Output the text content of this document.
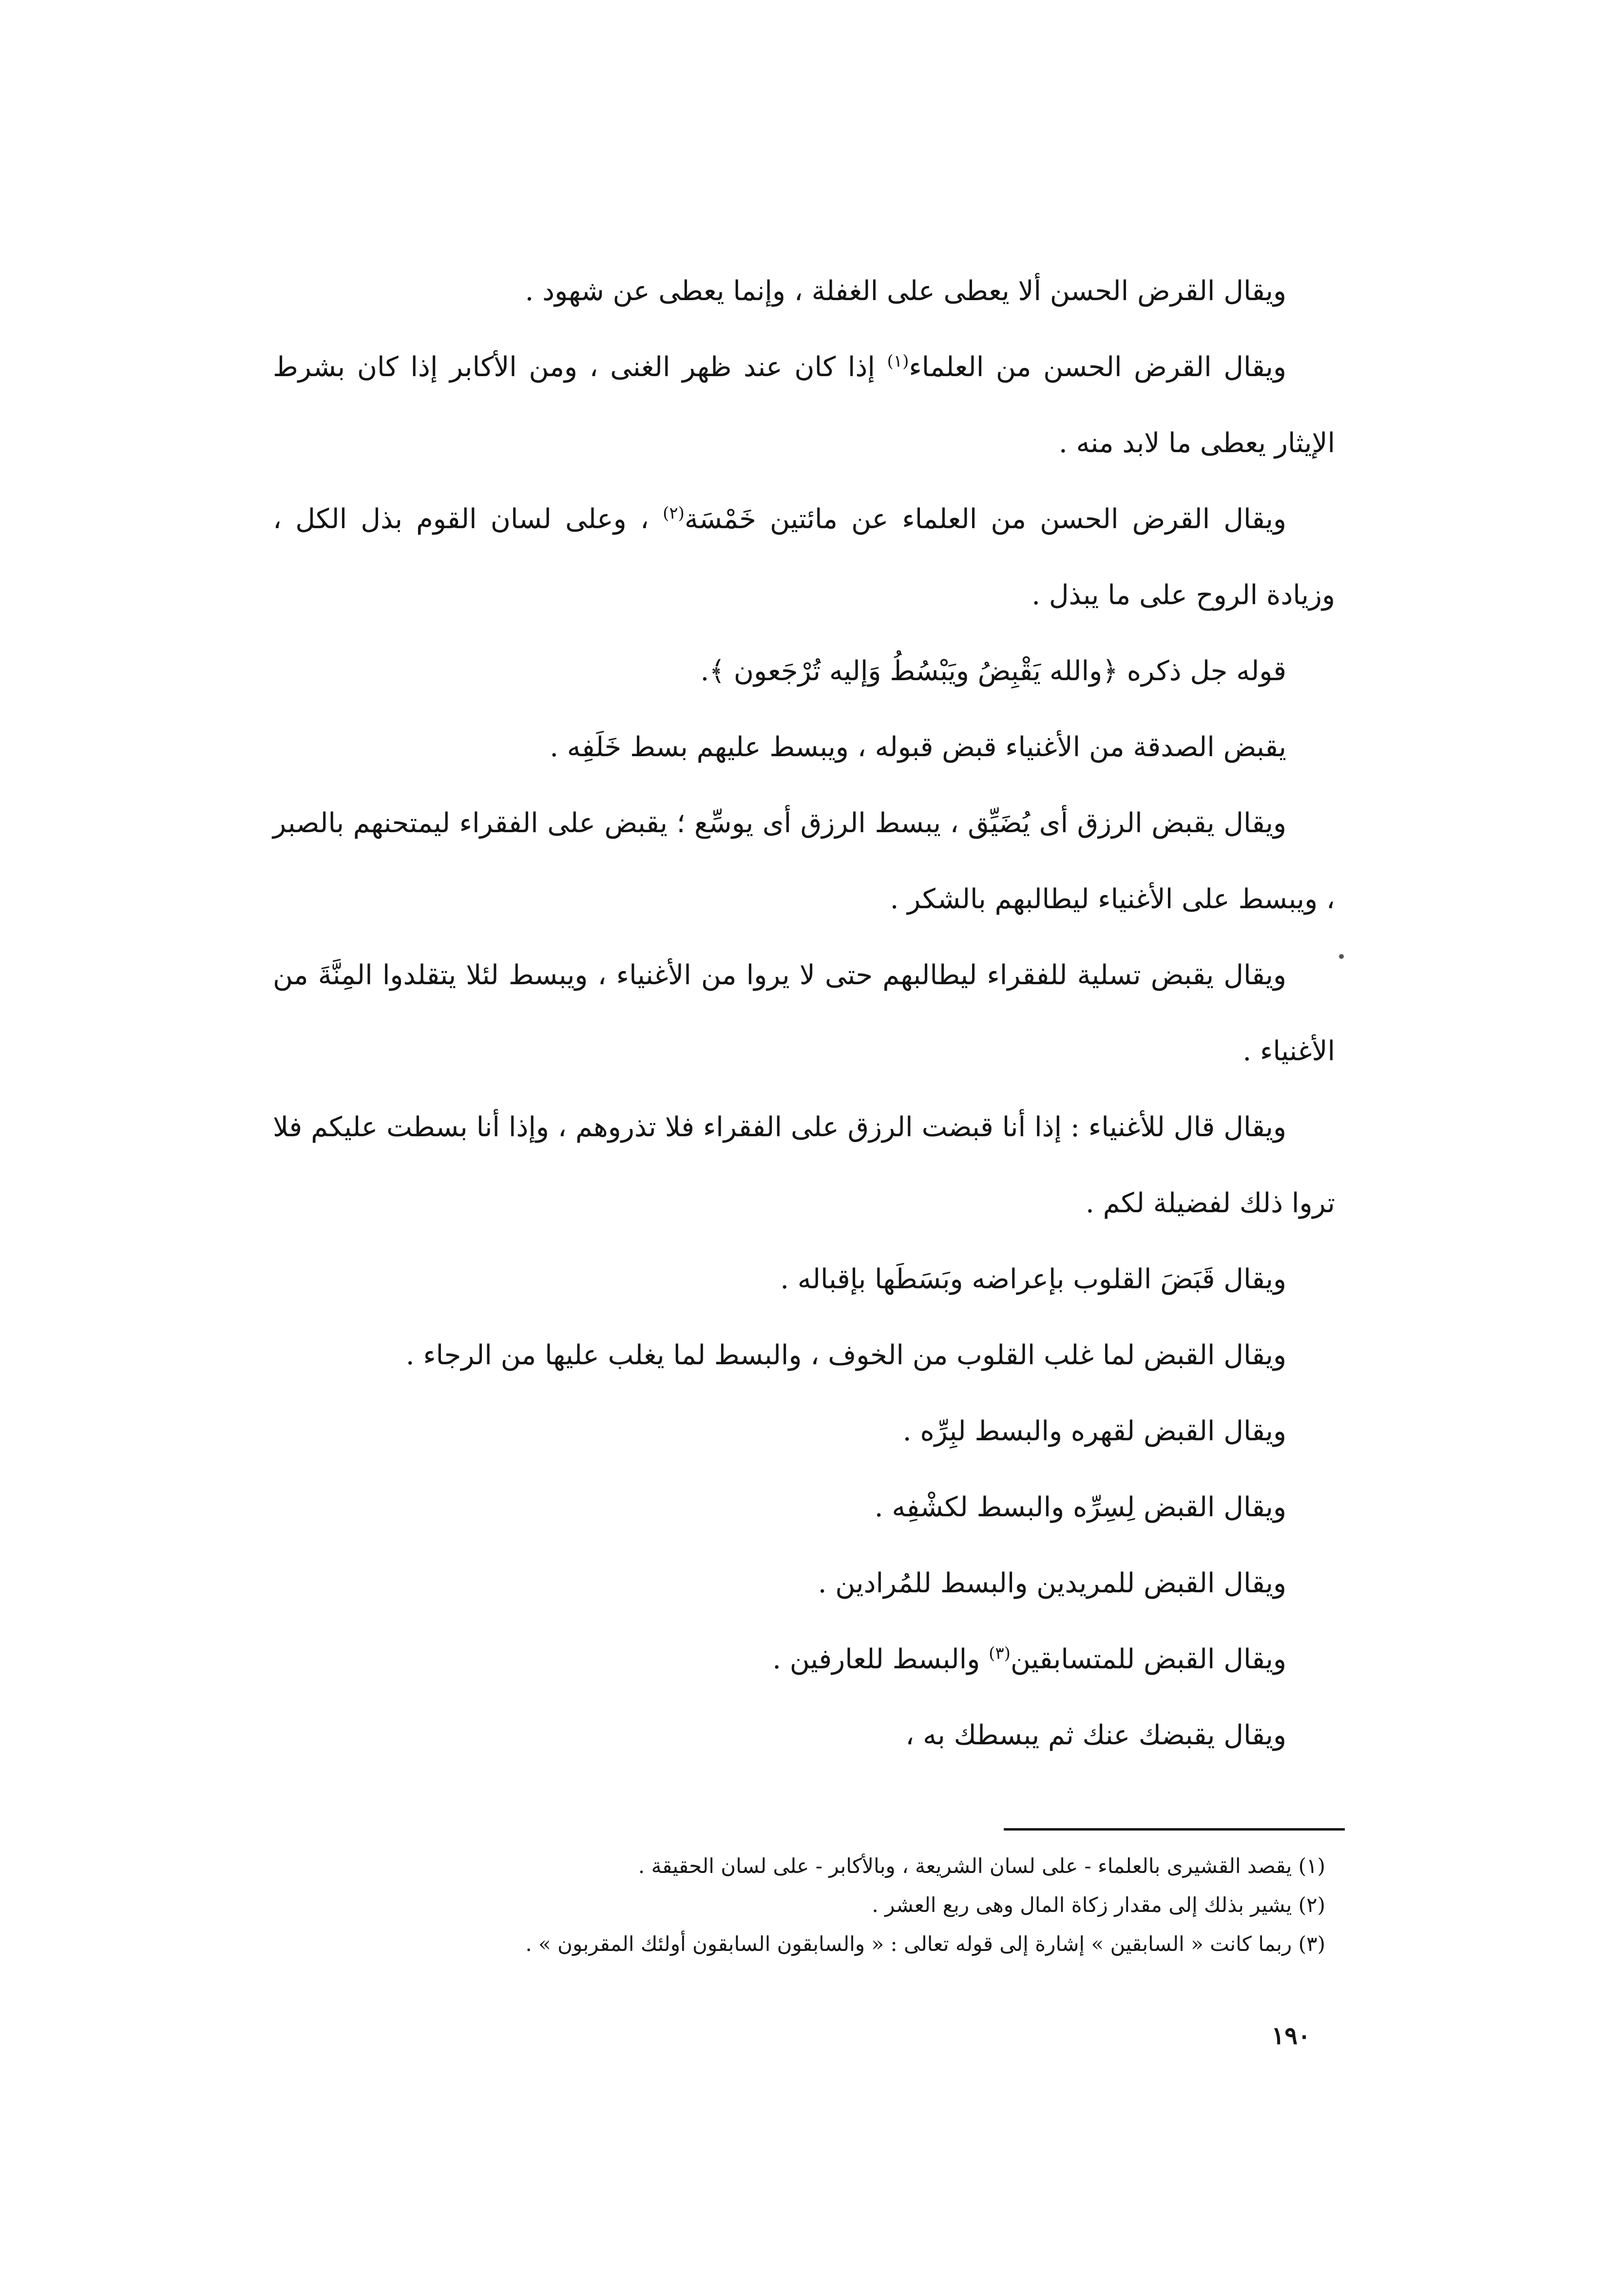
ويقال القرض الحسن ألا يعطى على الغفلة ، وإنما يعطى عن شهود .

ويقال القرض الحسن من العلماء$^{(١)}$ إذا كان عند ظهر الغنى ، ومن الأكابر إذا كان بشرط الإيثار يعطى ما لابد منه .

ويقال القرض الحسن من العلماء عن مائتين خَمْسَة$^{(٢)}$ ، وعلى لسان القوم بذل الكل ، وزيادة الروح على ما يبذل .

قوله جل ذكره ﴿والله يَقْبِضُ ويَبْسُطُ وَإليه تُرْجَعون ﴾.

يقبض الصدقة من الأغنياء قبض قبوله ، ويبسط عليهم بسط خَلَفِه .

ويقال يقبض الرزق أى يُضَيِّق ، يبسط الرزق أى يوسِّع ؛ يقبض على الفقراء ليمتحنهم بالصبر ، ويبسط على الأغنياء ليطالبهم بالشكر .

ويقال يقبض تسلية للفقراء ليطالبهم حتى لا يروا من الأغنياء ، ويبسط لئلا يتقلدوا المِنَّةَ من الأغنياء .

ويقال قال للأغنياء : إذا أنا قبضت الرزق على الفقراء فلا تذروهم ، وإذا أنا بسطت عليكم فلا تروا ذلك لفضيلة لكم .

ويقال قَبَضَ القلوب بإعراضه وبَسَطَها بإقباله .

ويقال القبض لما غلب القلوب من الخوف ، والبسط لما يغلب عليها من الرجاء .

ويقال القبض لقهره والبسط لبِرِّه .

ويقال القبض لِسِرِّه والبسط لكشْفِه .

ويقال القبض للمريدين والبسط للمُرادين .

ويقال القبض للمتسابقين$^{(٣)}$ والبسط للعارفين .

ويقال يقبضك عنك ثم يبسطك به ،

(١) يقصد القشيرى بالعلماء - على لسان الشريعة ، وبالأكابر - على لسان الحقيقة .

(٢) يشير بذلك إلى مقدار زكاة المال وهى ربع العشر .

(٣) ربما كانت « السابقين » إشارة إلى قوله تعالى : « والسابقون السابقون أولئك المقربون » .

١٩٠
